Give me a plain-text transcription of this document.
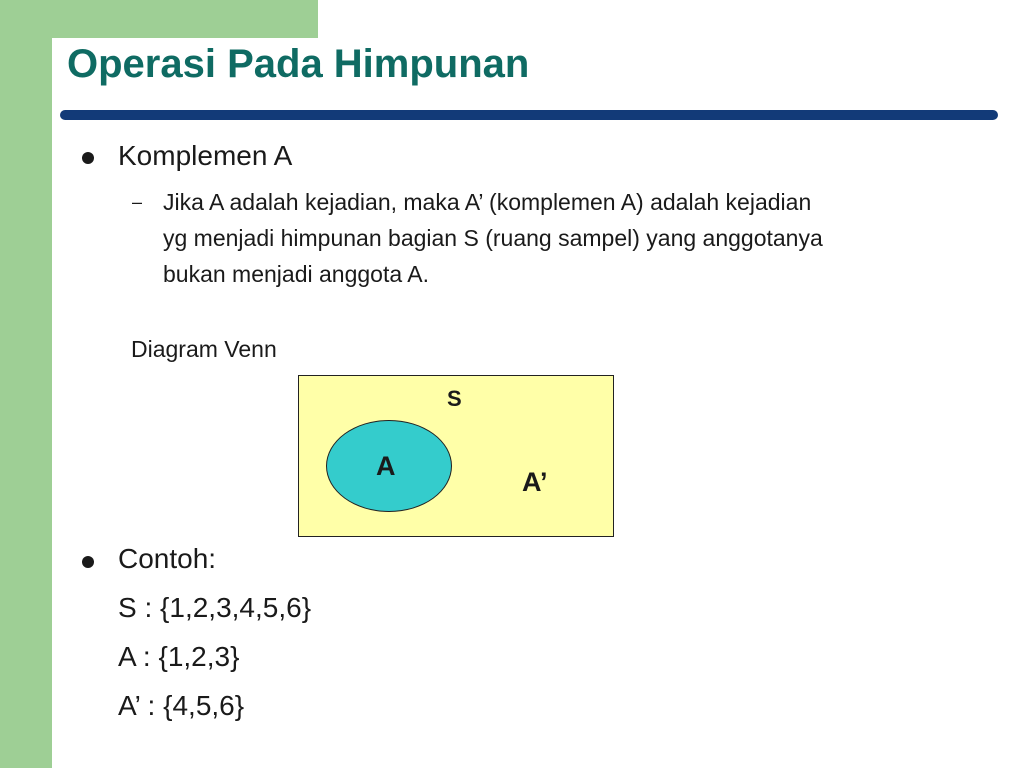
Operasi Pada Himpunan
Komplemen A
– Jika A adalah kejadian, maka A’ (komplemen A) adalah kejadian
yg menjadi himpunan bagian S (ruang sampel) yang anggotanya
bukan menjadi anggota A.
Diagram Venn
S
A
A’
Contoh:
S : {1,2,3,4,5,6}
A : {1,2,3}
A’ : {4,5,6}
